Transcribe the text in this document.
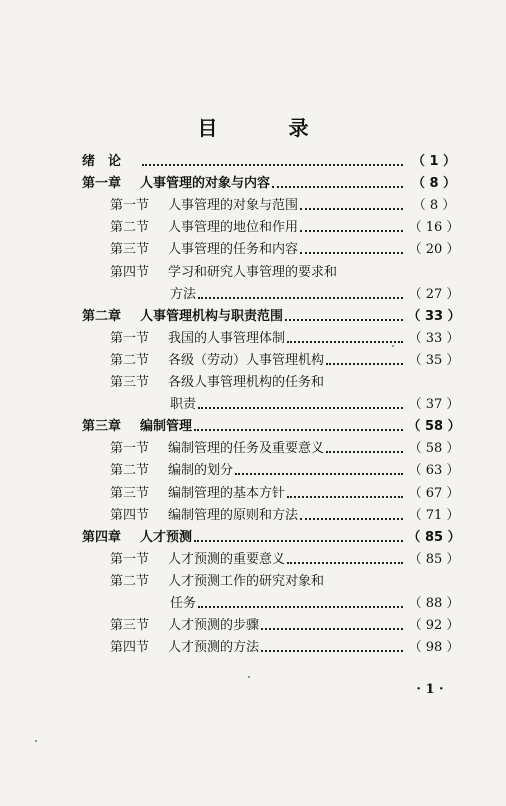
目 录
绪　论	（ 1 ）
第一章	人事管理的对象与内容	（ 8 ）
第一节	人事管理的对象与范围	（ 8 ）
第二节	人事管理的地位和作用	（ 16 ）
第三节	人事管理的任务和内容	（ 20 ）
第四节	学习和研究人事管理的要求和
方法	（ 27 ）
第二章	人事管理机构与职责范围	（ 33 ）
第一节	我国的人事管理体制	（ 33 ）
第二节	各级（劳动）人事管理机构	（ 35 ）
第三节	各级人事管理机构的任务和
职责	（ 37 ）
第三章	编制管理	（ 58 ）
第一节	编制管理的任务及重要意义	（ 58 ）
第二节	编制的划分	（ 63 ）
第三节	编制管理的基本方针	（ 67 ）
第四节	编制管理的原则和方法	（ 71 ）
第四章	人才预测	（ 85 ）
第一节	人才预测的重要意义	（ 85 ）
第二节	人才预测工作的研究对象和
任务	（ 88 ）
第三节	人才预测的步骤	（ 92 ）
第四节	人才预测的方法	（ 98 ）
· 1 ·
